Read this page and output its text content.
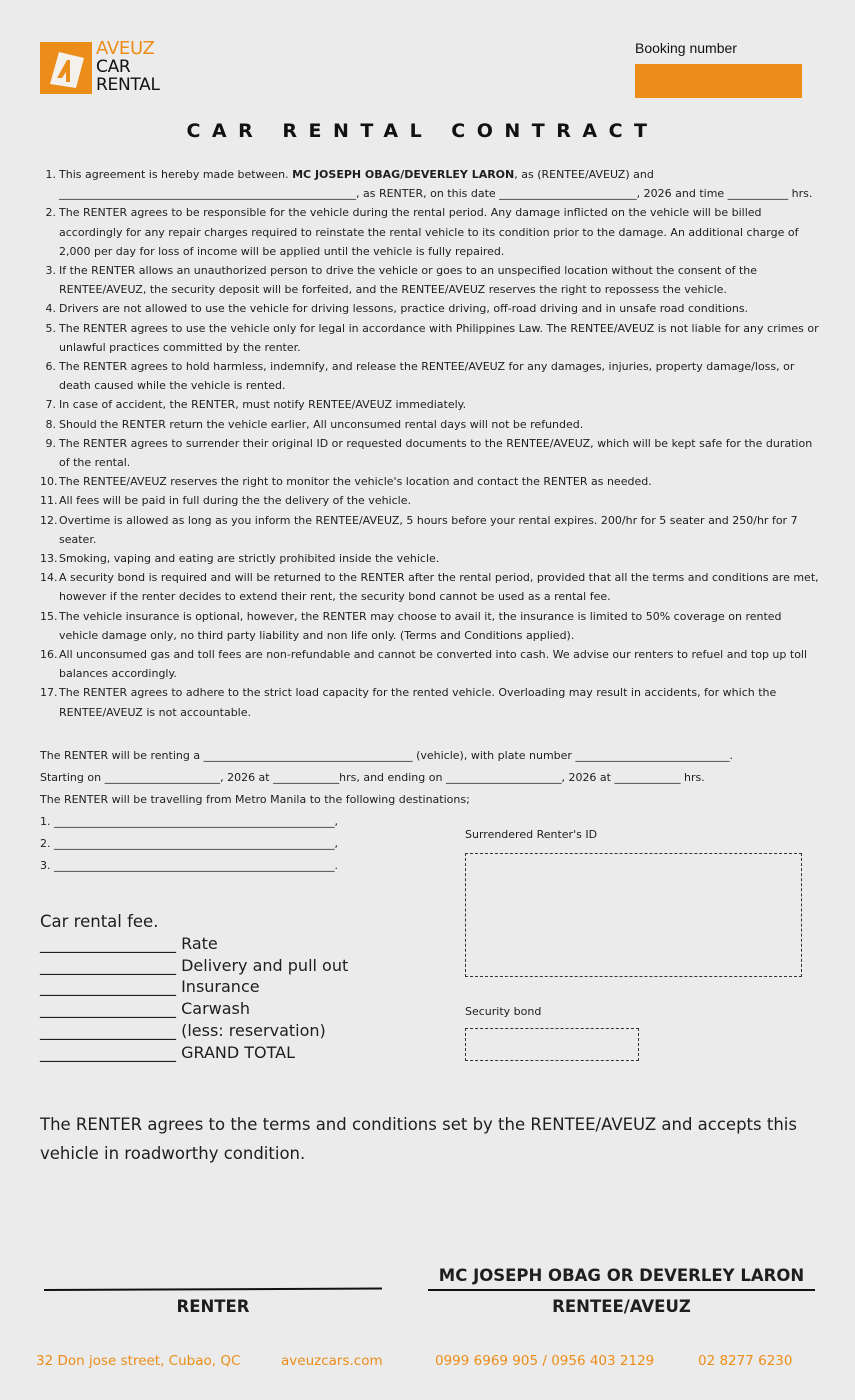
AVEUZ
CAR
RENTAL
Booking number
CAR RENTAL CONTRACT
1. This agreement is hereby made between. MC JOSEPH OBAG/DEVERLEY LARON, as (RENTEE/AVEUZ) and ______________________________________________________, as RENTER, on this date _________________________, 2026 and time ___________ hrs.
2. The RENTER agrees to be responsible for the vehicle during the rental period. Any damage inflicted on the vehicle will be billed accordingly for any repair charges required to reinstate the rental vehicle to its condition prior to the damage. An additional charge of 2,000 per day for loss of income will be applied until the vehicle is fully repaired.
3. If the RENTER allows an unauthorized person to drive the vehicle or goes to an unspecified location without the consent of the RENTEE/AVEUZ, the security deposit will be forfeited, and the RENTEE/AVEUZ reserves the right to repossess the vehicle.
4. Drivers are not allowed to use the vehicle for driving lessons, practice driving, off-road driving and in unsafe road conditions.
5. The RENTER agrees to use the vehicle only for legal in accordance with Philippines Law. The RENTEE/AVEUZ is not liable for any crimes or unlawful practices committed by the renter.
6. The RENTER agrees to hold harmless, indemnify, and release the RENTEE/AVEUZ for any damages, injuries, property damage/loss, or death caused while the vehicle is rented.
7. In case of accident, the RENTER, must notify RENTEE/AVEUZ immediately.
8. Should the RENTER return the vehicle earlier, All unconsumed rental days will not be refunded.
9. The RENTER agrees to surrender their original ID or requested documents to the RENTEE/AVEUZ, which will be kept safe for the duration of the rental.
10. The RENTEE/AVEUZ reserves the right to monitor the vehicle's location and contact the RENTER as needed.
11. All fees will be paid in full during the the delivery of the vehicle.
12. Overtime is allowed as long as you inform the RENTEE/AVEUZ, 5 hours before your rental expires. 200/hr for 5 seater and 250/hr for 7 seater.
13. Smoking, vaping and eating are strictly prohibited inside the vehicle.
14. A security bond is required and will be returned to the RENTER after the rental period, provided that all the terms and conditions are met, however if the renter decides to extend their rent, the security bond cannot be used as a rental fee.
15. The vehicle insurance is optional, however, the RENTER may choose to avail it, the insurance is limited to 50% coverage on rented vehicle damage only, no third party liability and non life only. (Terms and Conditions applied).
16. All unconsumed gas and toll fees are non-refundable and cannot be converted into cash. We advise our renters to refuel and top up toll balances accordingly.
17. The RENTER agrees to adhere to the strict load capacity for the rented vehicle. Overloading may result in accidents, for which the RENTEE/AVEUZ is not accountable.
The RENTER will be renting a ______________________________________ (vehicle), with plate number ____________________________.
Starting on _____________________, 2026 at ____________hrs, and ending on _____________________, 2026 at ____________ hrs.
The RENTER will be travelling from Metro Manila to the following destinations;
1. ___________________________________________________,
2. ___________________________________________________,
3. ___________________________________________________.
Car rental fee.
_________________ Rate
_________________ Delivery and pull out
_________________ Insurance
_________________ Carwash
_________________ (less: reservation)
_________________ GRAND TOTAL
Surrendered Renter's ID
Security bond
The RENTER agrees to the terms and conditions set by the RENTEE/AVEUZ and accepts this vehicle in roadworthy condition.
RENTER
MC JOSEPH OBAG OR DEVERLEY LARON
RENTEE/AVEUZ
32 Don jose street, Cubao, QC	aveuzcars.com	0999 6969 905 / 0956 403 2129	02 8277 6230
